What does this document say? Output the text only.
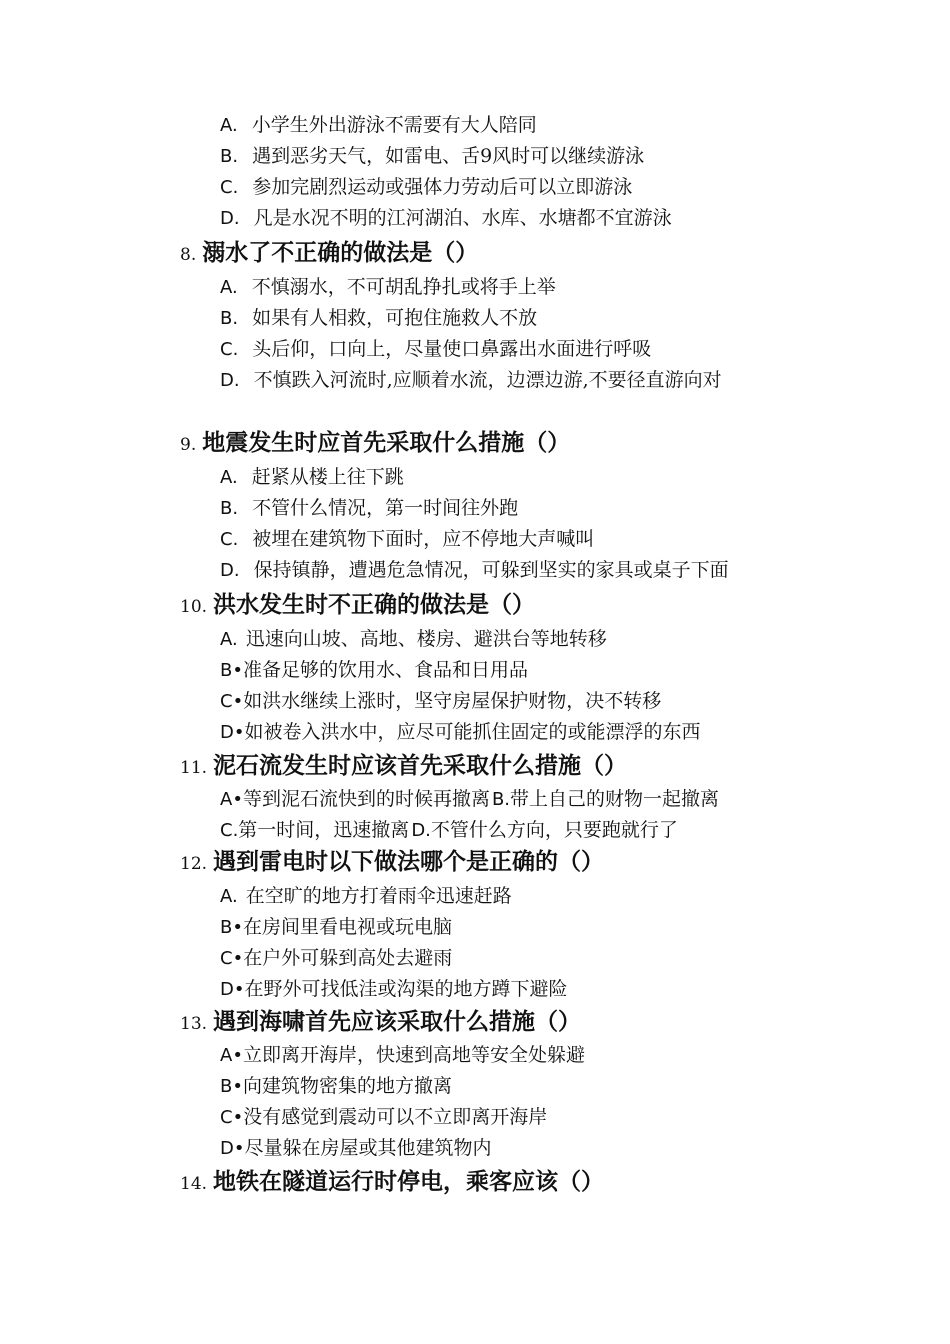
A. 小学生外出游泳不需要有大人陪同
B. 遇到恶劣天气，如雷电、舌9风时可以继续游泳
C. 参加完剧烈运动或强体力劳动后可以立即游泳
D. 凡是水况不明的江河湖泊、水库、水塘都不宜游泳
8. 溺水了不正确的做法是（）
A. 不慎溺水，不可胡乱挣扎或将手上举
B. 如果有人相救，可抱住施救人不放
C. 头后仰，口向上，尽量使口鼻露出水面进行呼吸
D. 不慎跌入河流时,应顺着水流，边漂边游,不要径直游向对
9. 地震发生时应首先采取什么措施（）
A. 赶紧从楼上往下跳
B. 不管什么情况，第一时间往外跑
C. 被埋在建筑物下面时，应不停地大声喊叫
D. 保持镇静，遭遇危急情况，可躲到坚实的家具或桌子下面
10. 洪水发生时不正确的做法是（）
A. 迅速向山坡、高地、楼房、避洪台等地转移
B•准备足够的饮用水、食品和日用品
C•如洪水继续上涨时，坚守房屋保护财物，决不转移
D•如被卷入洪水中，应尽可能抓住固定的或能漂浮的东西
11. 泥石流发生时应该首先采取什么措施（）
A•等到泥石流快到的时候再撤离 B.带上自己的财物一起撤离
C.第一时间，迅速撤离 D.不管什么方向，只要跑就行了
12. 遇到雷电时以下做法哪个是正确的（）
A. 在空旷的地方打着雨伞迅速赶路
B•在房间里看电视或玩电脑
C•在户外可躲到高处去避雨
D•在野外可找低洼或沟渠的地方蹲下避险
13. 遇到海啸首先应该采取什么措施（）
A•立即离开海岸，快速到高地等安全处躲避
B•向建筑物密集的地方撤离
C•没有感觉到震动可以不立即离开海岸
D•尽量躲在房屋或其他建筑物内
14. 地铁在隧道运行时停电，乘客应该（）
